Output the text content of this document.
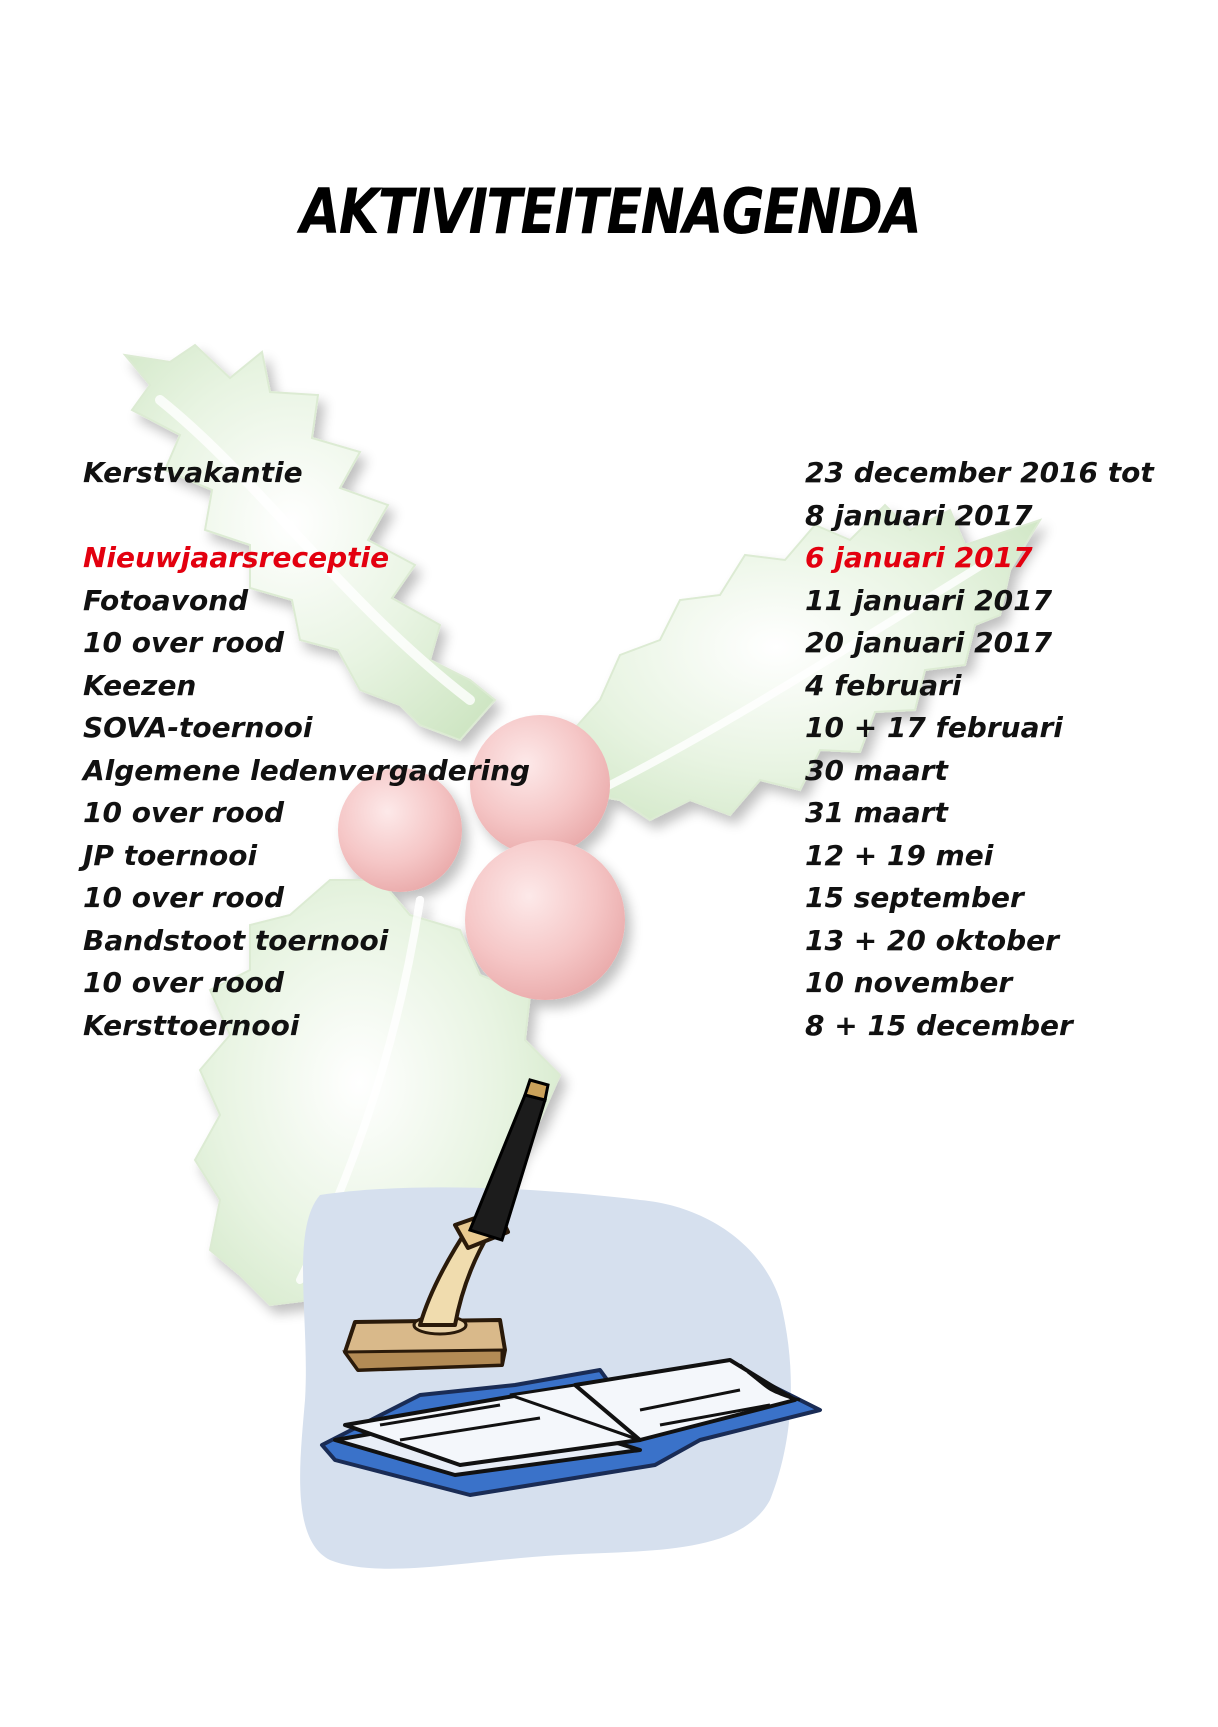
AKTIVITEITENAGENDA
Kerstvakantie	23 december 2016 tot
8 januari 2017
Nieuwjaarsreceptie	6 januari 2017
Fotoavond	11 januari 2017
10 over rood	20 januari 2017
Keezen	4 februari
SOVA-toernooi	10 + 17 februari
Algemene ledenvergadering	30 maart
10 over rood	31 maart
JP toernooi	12 + 19 mei
10 over rood	15 september
Bandstoot toernooi	13 + 20 oktober
10 over rood	10 november
Kersttoernooi	8 + 15 december
